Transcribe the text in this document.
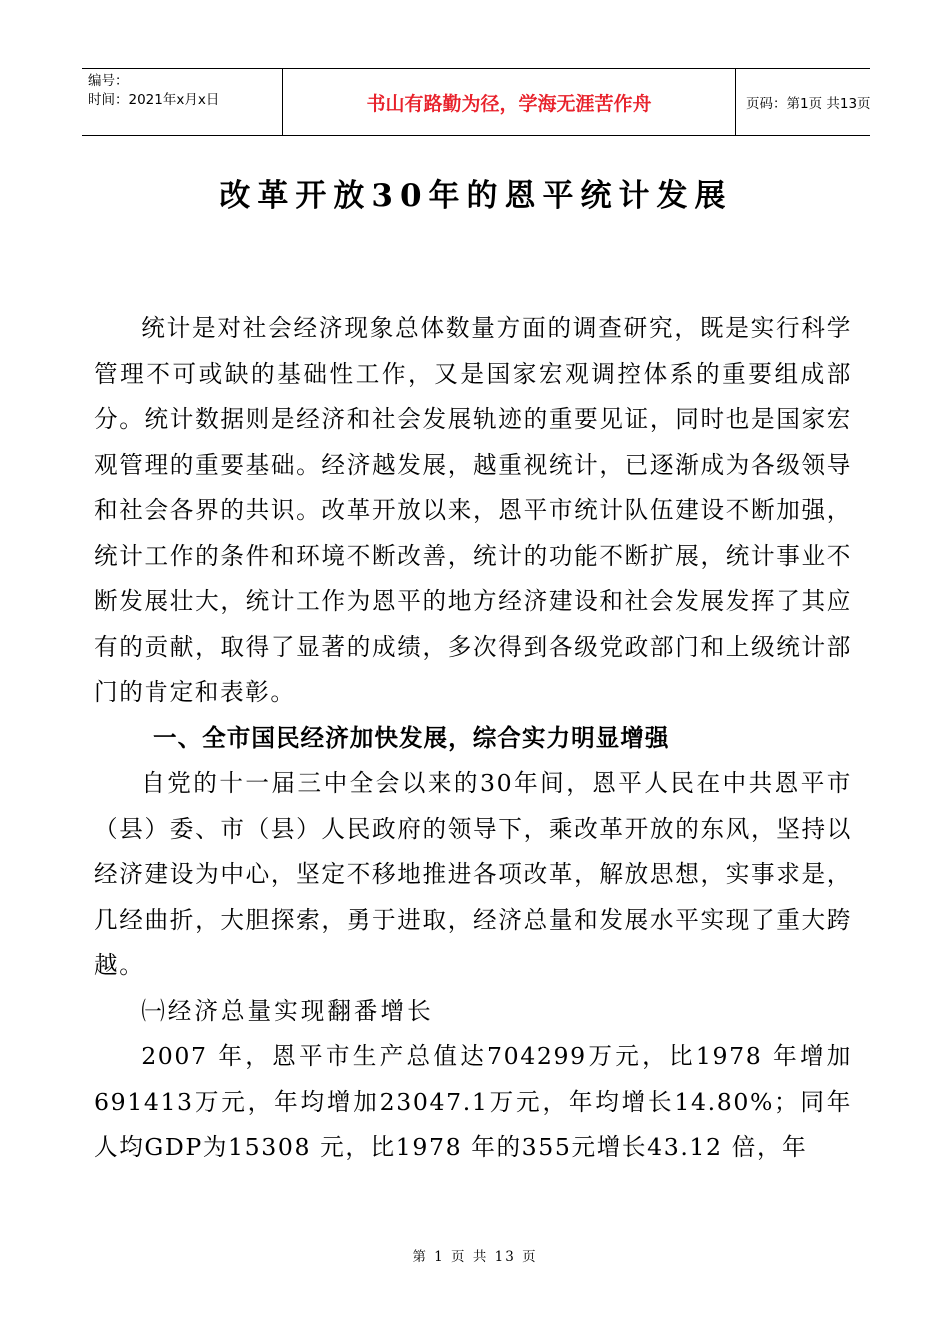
编号：
时间：2021年x月x日	书山有路勤为径，学海无涯苦作舟	页码：第1页 共13页
改革开放30年的恩平统计发展

统计是对社会经济现象总体数量方面的调查研究，既是实行科学管理不可或缺的基础性工作，又是国家宏观调控体系的重要组成部分。统计数据则是经济和社会发展轨迹的重要见证，同时也是国家宏观管理的重要基础。经济越发展，越重视统计，已逐渐成为各级领导和社会各界的共识。改革开放以来，恩平市统计队伍建设不断加强，统计工作的条件和环境不断改善，统计的功能不断扩展，统计事业不断发展壮大，统计工作为恩平的地方经济建设和社会发展发挥了其应有的贡献，取得了显著的成绩，多次得到各级党政部门和上级统计部门的肯定和表彰。

一、全市国民经济加快发展，综合实力明显增强

自党的十一届三中全会以来的30年间，恩平人民在中共恩平市（县）委、市（县）人民政府的领导下，乘改革开放的东风，坚持以经济建设为中心，坚定不移地推进各项改革，解放思想，实事求是，几经曲折，大胆探索，勇于进取，经济总量和发展水平实现了重大跨越。

㈠经济总量实现翻番增长

2007 年，恩平市生产总值达704299万元，比1978 年增加691413万元，年均增加23047.1万元，年均增长14.80%；同年人均GDP为15308 元，比1978 年的355元增长43.12 倍，年

第 1 页 共 13 页
